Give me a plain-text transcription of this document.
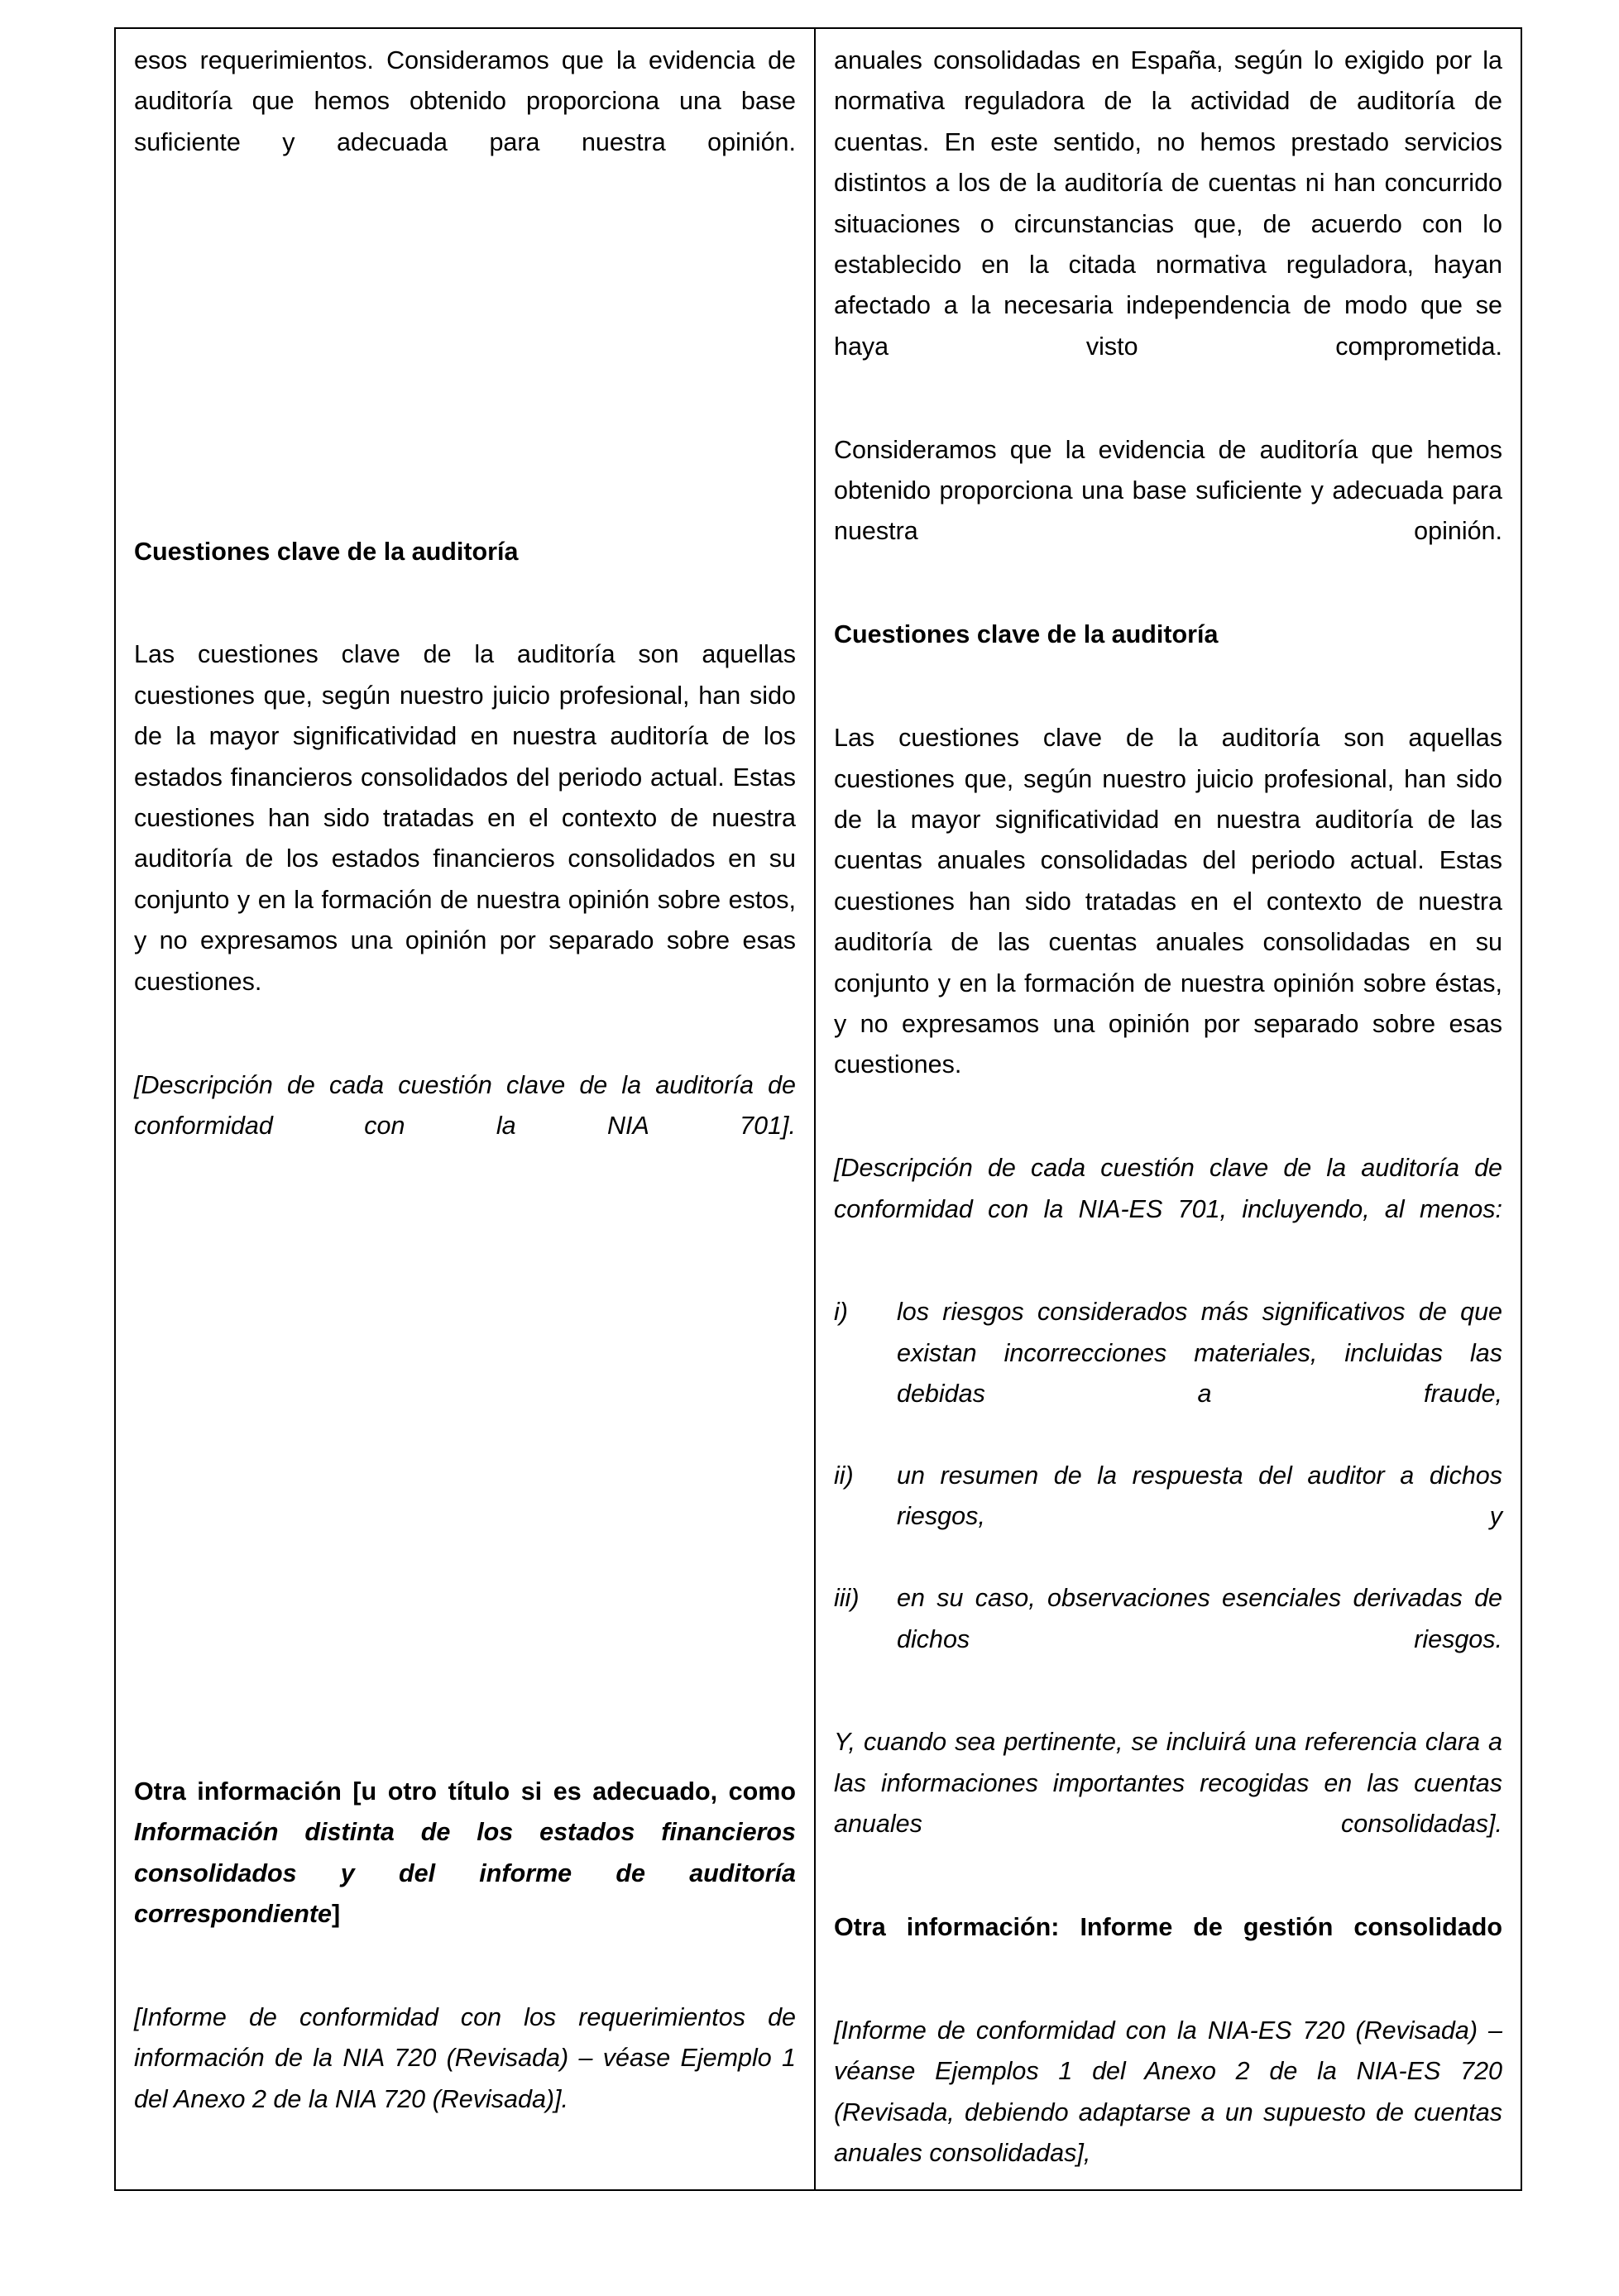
esos requerimientos. Consideramos que la evidencia de auditoría que hemos obtenido proporciona una base suficiente y adecuada para nuestra opinión.

Cuestiones clave de la auditoría

Las cuestiones clave de la auditoría son aquellas cuestiones que, según nuestro juicio profesional, han sido de la mayor significatividad en nuestra auditoría de los estados financieros consolidados del periodo actual. Estas cuestiones han sido tratadas en el contexto de nuestra auditoría de los estados financieros consolidados en su conjunto y en la formación de nuestra opinión sobre estos, y no expresamos una opinión por separado sobre esas cuestiones.

[Descripción de cada cuestión clave de la auditoría de conformidad con la NIA 701].

Otra información [u otro título si es adecuado, como Información distinta de los estados financieros consolidados y del informe de auditoría correspondiente]

[Informe de conformidad con los requerimientos de información de la NIA 720 (Revisada) – véase Ejemplo 1 del Anexo 2 de la NIA 720 (Revisada)].

anuales consolidadas en España, según lo exigido por la normativa reguladora de la actividad de auditoría de cuentas. En este sentido, no hemos prestado servicios distintos a los de la auditoría de cuentas ni han concurrido situaciones o circunstancias que, de acuerdo con lo establecido en la citada normativa reguladora, hayan afectado a la necesaria independencia de modo que se haya visto comprometida.

Consideramos que la evidencia de auditoría que hemos obtenido proporciona una base suficiente y adecuada para nuestra opinión.

Cuestiones clave de la auditoría

Las cuestiones clave de la auditoría son aquellas cuestiones que, según nuestro juicio profesional, han sido de la mayor significatividad en nuestra auditoría de las cuentas anuales consolidadas del periodo actual. Estas cuestiones han sido tratadas en el contexto de nuestra auditoría de las cuentas anuales consolidadas en su conjunto y en la formación de nuestra opinión sobre éstas, y no expresamos una opinión por separado sobre esas cuestiones.

[Descripción de cada cuestión clave de la auditoría de conformidad con la NIA-ES 701, incluyendo, al menos:

i)	los riesgos considerados más significativos de que existan incorrecciones materiales, incluidas las debidas a fraude,
ii)	un resumen de la respuesta del auditor a dichos riesgos, y
iii)	en su caso, observaciones esenciales derivadas de dichos riesgos.

Y, cuando sea pertinente, se incluirá una referencia clara a las informaciones importantes recogidas en las cuentas anuales consolidadas].

Otra información: Informe de gestión consolidado

[Informe de conformidad con la NIA-ES 720 (Revisada) – véanse Ejemplos 1 del Anexo 2 de la NIA-ES 720 (Revisada, debiendo adaptarse a un supuesto de cuentas anuales consolidadas],
